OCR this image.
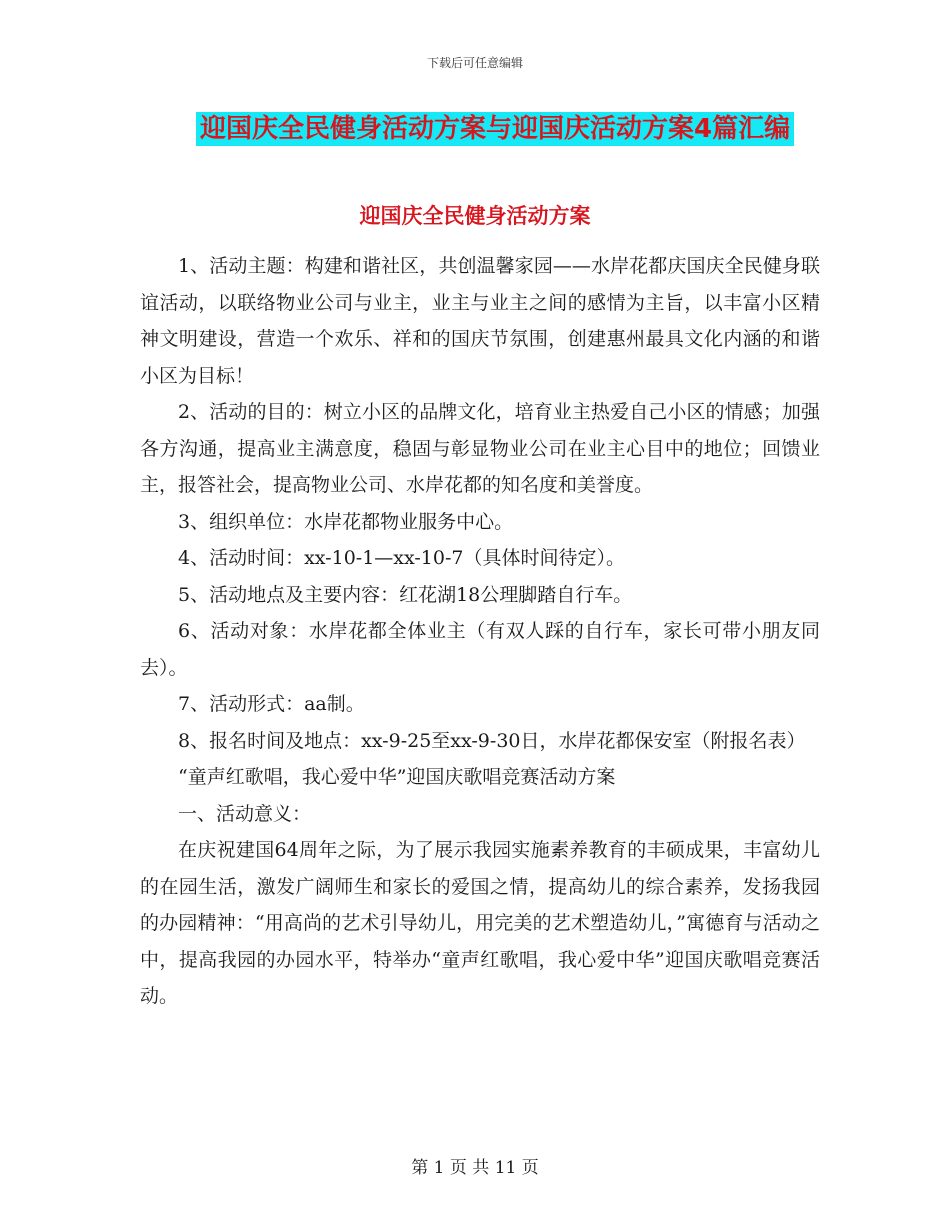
下载后可任意编辑
迎国庆全民健身活动方案与迎国庆活动方案4篇汇编
迎国庆全民健身活动方案

1、活动主题：构建和谐社区，共创温馨家园——水岸花都庆国庆全民健身联谊活动，以联络物业公司与业主，业主与业主之间的感情为主旨，以丰富小区精神文明建设，营造一个欢乐、祥和的国庆节氛围，创建惠州最具文化内涵的和谐小区为目标！

2、活动的目的：树立小区的品牌文化，培育业主热爱自己小区的情感；加强各方沟通，提高业主满意度，稳固与彰显物业公司在业主心目中的地位；回馈业主，报答社会，提高物业公司、水岸花都的知名度和美誉度。

3、组织单位：水岸花都物业服务中心。

4、活动时间：xx-10-1—xx-10-7（具体时间待定）。

5、活动地点及主要内容：红花湖18公理脚踏自行车。

6、活动对象：水岸花都全体业主（有双人踩的自行车，家长可带小朋友同去）。

7、活动形式：aa制。

8、报名时间及地点：xx-9-25至xx-9-30日，水岸花都保安室（附报名表）

“童声红歌唱，我心爱中华”迎国庆歌唱竞赛活动方案

一、活动意义：

在庆祝建国64周年之际，为了展示我园实施素养教育的丰硕成果，丰富幼儿的在园生活，激发广阔师生和家长的爱国之情，提高幼儿的综合素养，发扬我园的办园精神：“用高尚的艺术引导幼儿，用完美的艺术塑造幼儿，”寓德育与活动之中，提高我园的办园水平，特举办“童声红歌唱，我心爱中华”迎国庆歌唱竞赛活动。

第 1 页 共 11 页
